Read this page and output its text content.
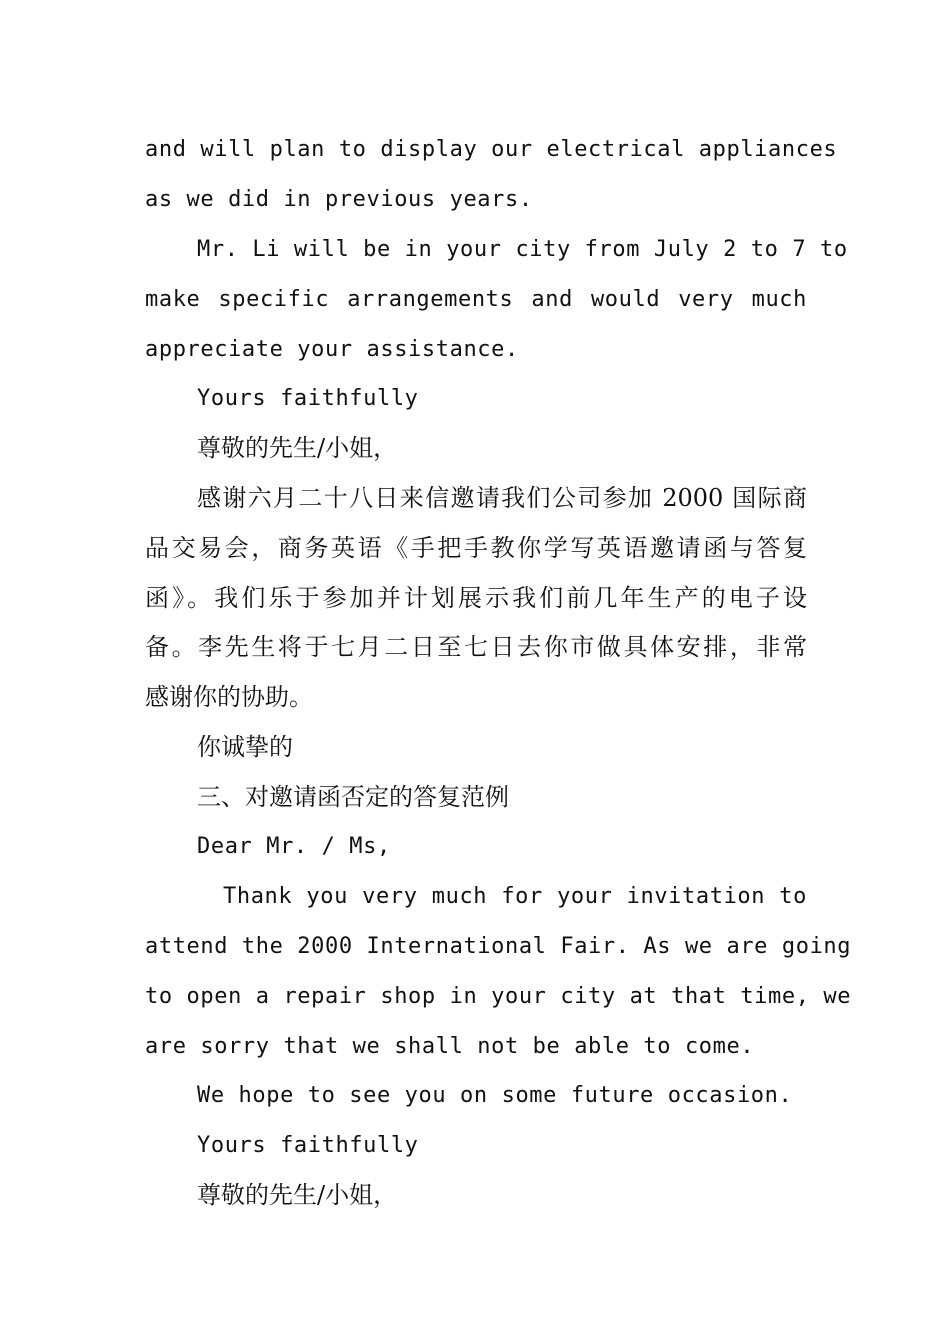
and will plan to display our electrical appliances
as we did in previous years.
Mr. Li will be in your city from July 2 to 7 to
make specific arrangements and would very much
appreciate your assistance.
Yours faithfully
尊敬的先生/小姐，
感谢六月二十八日来信邀请我们公司参加 2000 国际商
品交易会，商务英语《手把手教你学写英语邀请函与答复
函》。我们乐于参加并计划展示我们前几年生产的电子设
备。李先生将于七月二日至七日去你市做具体安排，非常
感谢你的协助。
你诚挚的
三、对邀请函否定的答复范例
Dear Mr. / Ms,
Thank you very much for your invitation to
attend the 2000 International Fair. As we are going
to open a repair shop in your city at that time, we
are sorry that we shall not be able to come.
We hope to see you on some future occasion.
Yours faithfully
尊敬的先生/小姐，
